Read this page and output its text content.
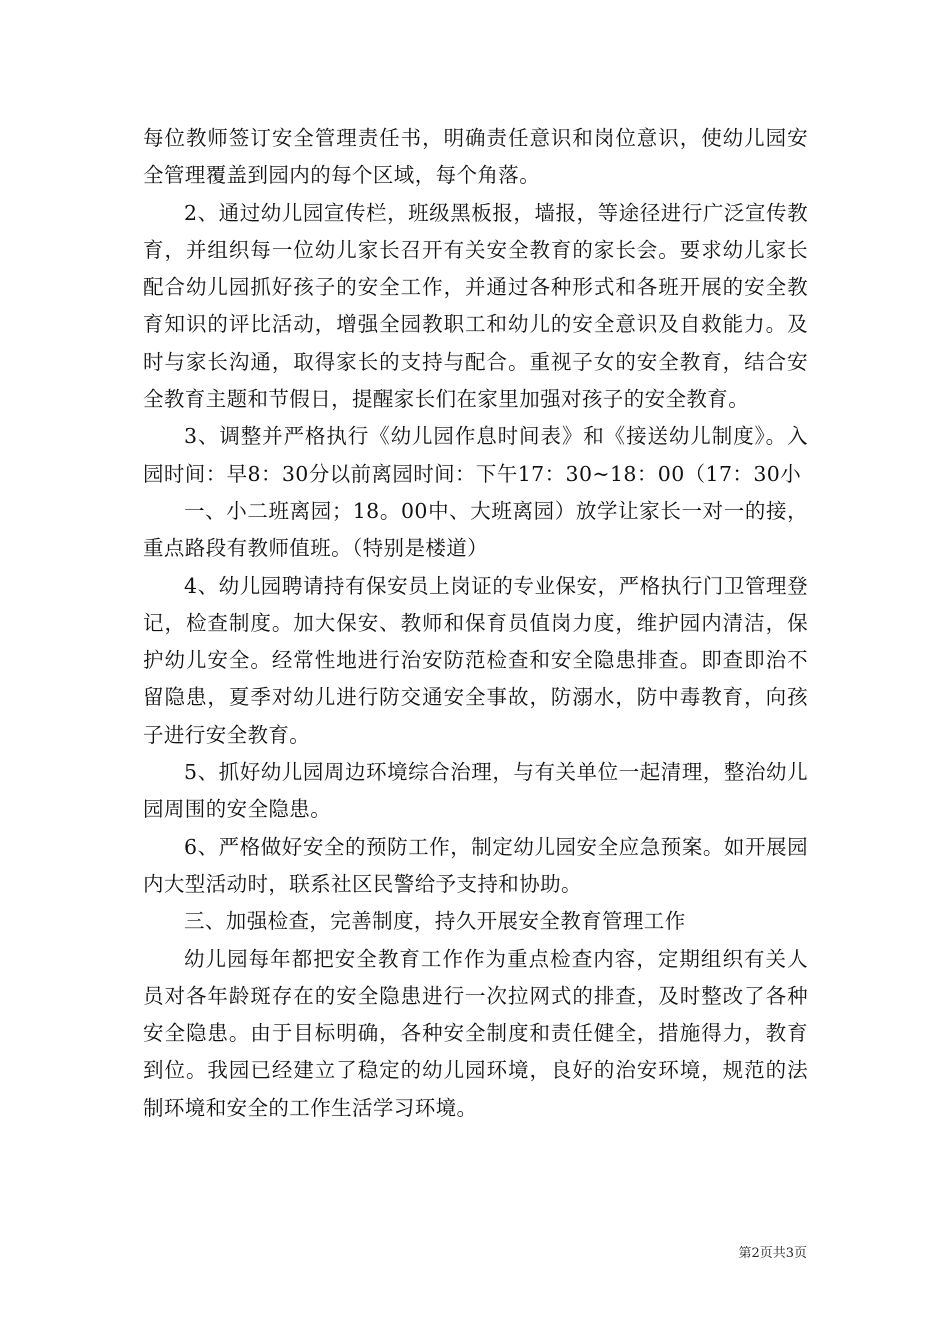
每位教师签订安全管理责任书，明确责任意识和岗位意识，使幼儿园安全管理覆盖到园内的每个区域，每个角落。

2、通过幼儿园宣传栏，班级黑板报，墙报，等途径进行广泛宣传教育，并组织每一位幼儿家长召开有关安全教育的家长会。要求幼儿家长配合幼儿园抓好孩子的安全工作，并通过各种形式和各班开展的安全教育知识的评比活动，增强全园教职工和幼儿的安全意识及自救能力。及时与家长沟通，取得家长的支持与配合。重视子女的安全教育，结合安全教育主题和节假日，提醒家长们在家里加强对孩子的安全教育。

3、调整并严格执行《幼儿园作息时间表》和《接送幼儿制度》。入园时间：早8：30分以前离园时间：下午17：30~18：00（17：30小

一、小二班离园；18。00中、大班离园）放学让家长一对一的接，重点路段有教师值班。（特别是楼道）

4、幼儿园聘请持有保安员上岗证的专业保安，严格执行门卫管理登记，检查制度。加大保安、教师和保育员值岗力度，维护园内清洁，保护幼儿安全。经常性地进行治安防范检查和安全隐患排查。即查即治不留隐患，夏季对幼儿进行防交通安全事故，防溺水，防中毒教育，向孩子进行安全教育。

5、抓好幼儿园周边环境综合治理，与有关单位一起清理，整治幼儿园周围的安全隐患。

6、严格做好安全的预防工作，制定幼儿园安全应急预案。如开展园内大型活动时，联系社区民警给予支持和协助。

三、加强检查，完善制度，持久开展安全教育管理工作

幼儿园每年都把安全教育工作作为重点检查内容，定期组织有关人员对各年龄斑存在的安全隐患进行一次拉网式的排查，及时整改了各种安全隐患。由于目标明确，各种安全制度和责任健全，措施得力，教育到位。我园已经建立了稳定的幼儿园环境，良好的治安环境，规范的法制环境和安全的工作生活学习环境。

第2页共3页
